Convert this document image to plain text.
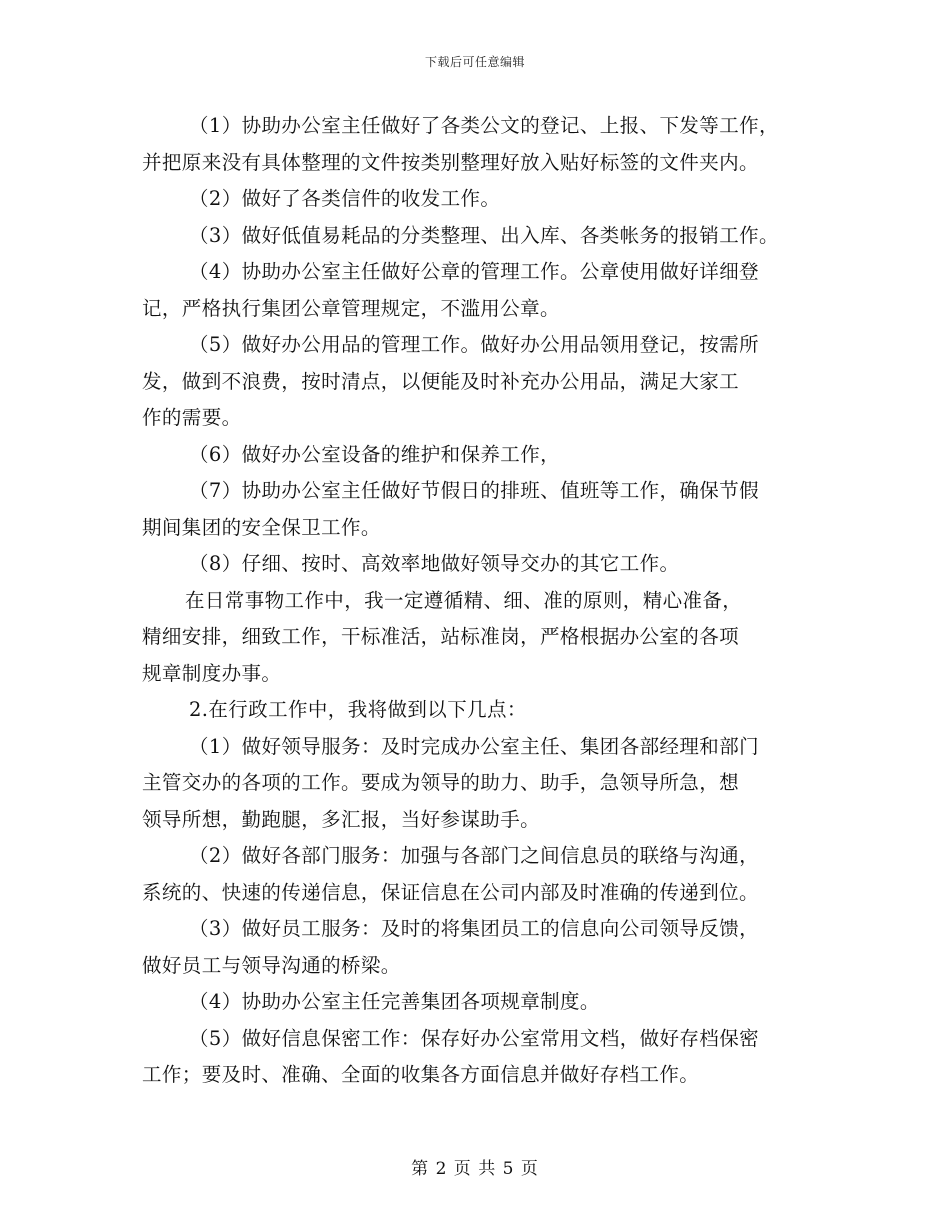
下载后可任意编辑
（1）协助办公室主任做好了各类公文的登记、上报、下发等工作，
并把原来没有具体整理的文件按类别整理好放入贴好标签的文件夹内。
（2）做好了各类信件的收发工作。
（3）做好低值易耗品的分类整理、出入库、各类帐务的报销工作。
（4）协助办公室主任做好公章的管理工作。公章使用做好详细登
记，严格执行集团公章管理规定，不滥用公章。
（5）做好办公用品的管理工作。做好办公用品领用登记，按需所
发，做到不浪费，按时清点，以便能及时补充办公用品，满足大家工
作的需要。
（6）做好办公室设备的维护和保养工作，
（7）协助办公室主任做好节假日的排班、值班等工作，确保节假
期间集团的安全保卫工作。
（8）仔细、按时、高效率地做好领导交办的其它工作。
在日常事物工作中，我一定遵循精、细、准的原则，精心准备，
精细安排，细致工作，干标准活，站标准岗，严格根据办公室的各项
规章制度办事。
2.在行政工作中，我将做到以下几点：
（1）做好领导服务：及时完成办公室主任、集团各部经理和部门
主管交办的各项的工作。要成为领导的助力、助手，急领导所急，想
领导所想，勤跑腿，多汇报，当好参谋助手。
（2）做好各部门服务：加强与各部门之间信息员的联络与沟通，
系统的、快速的传递信息，保证信息在公司内部及时准确的传递到位。
（3）做好员工服务：及时的将集团员工的信息向公司领导反馈，
做好员工与领导沟通的桥梁。
（4）协助办公室主任完善集团各项规章制度。
（5）做好信息保密工作：保存好办公室常用文档，做好存档保密
工作；要及时、准确、全面的收集各方面信息并做好存档工作。
第 2 页 共 5 页
